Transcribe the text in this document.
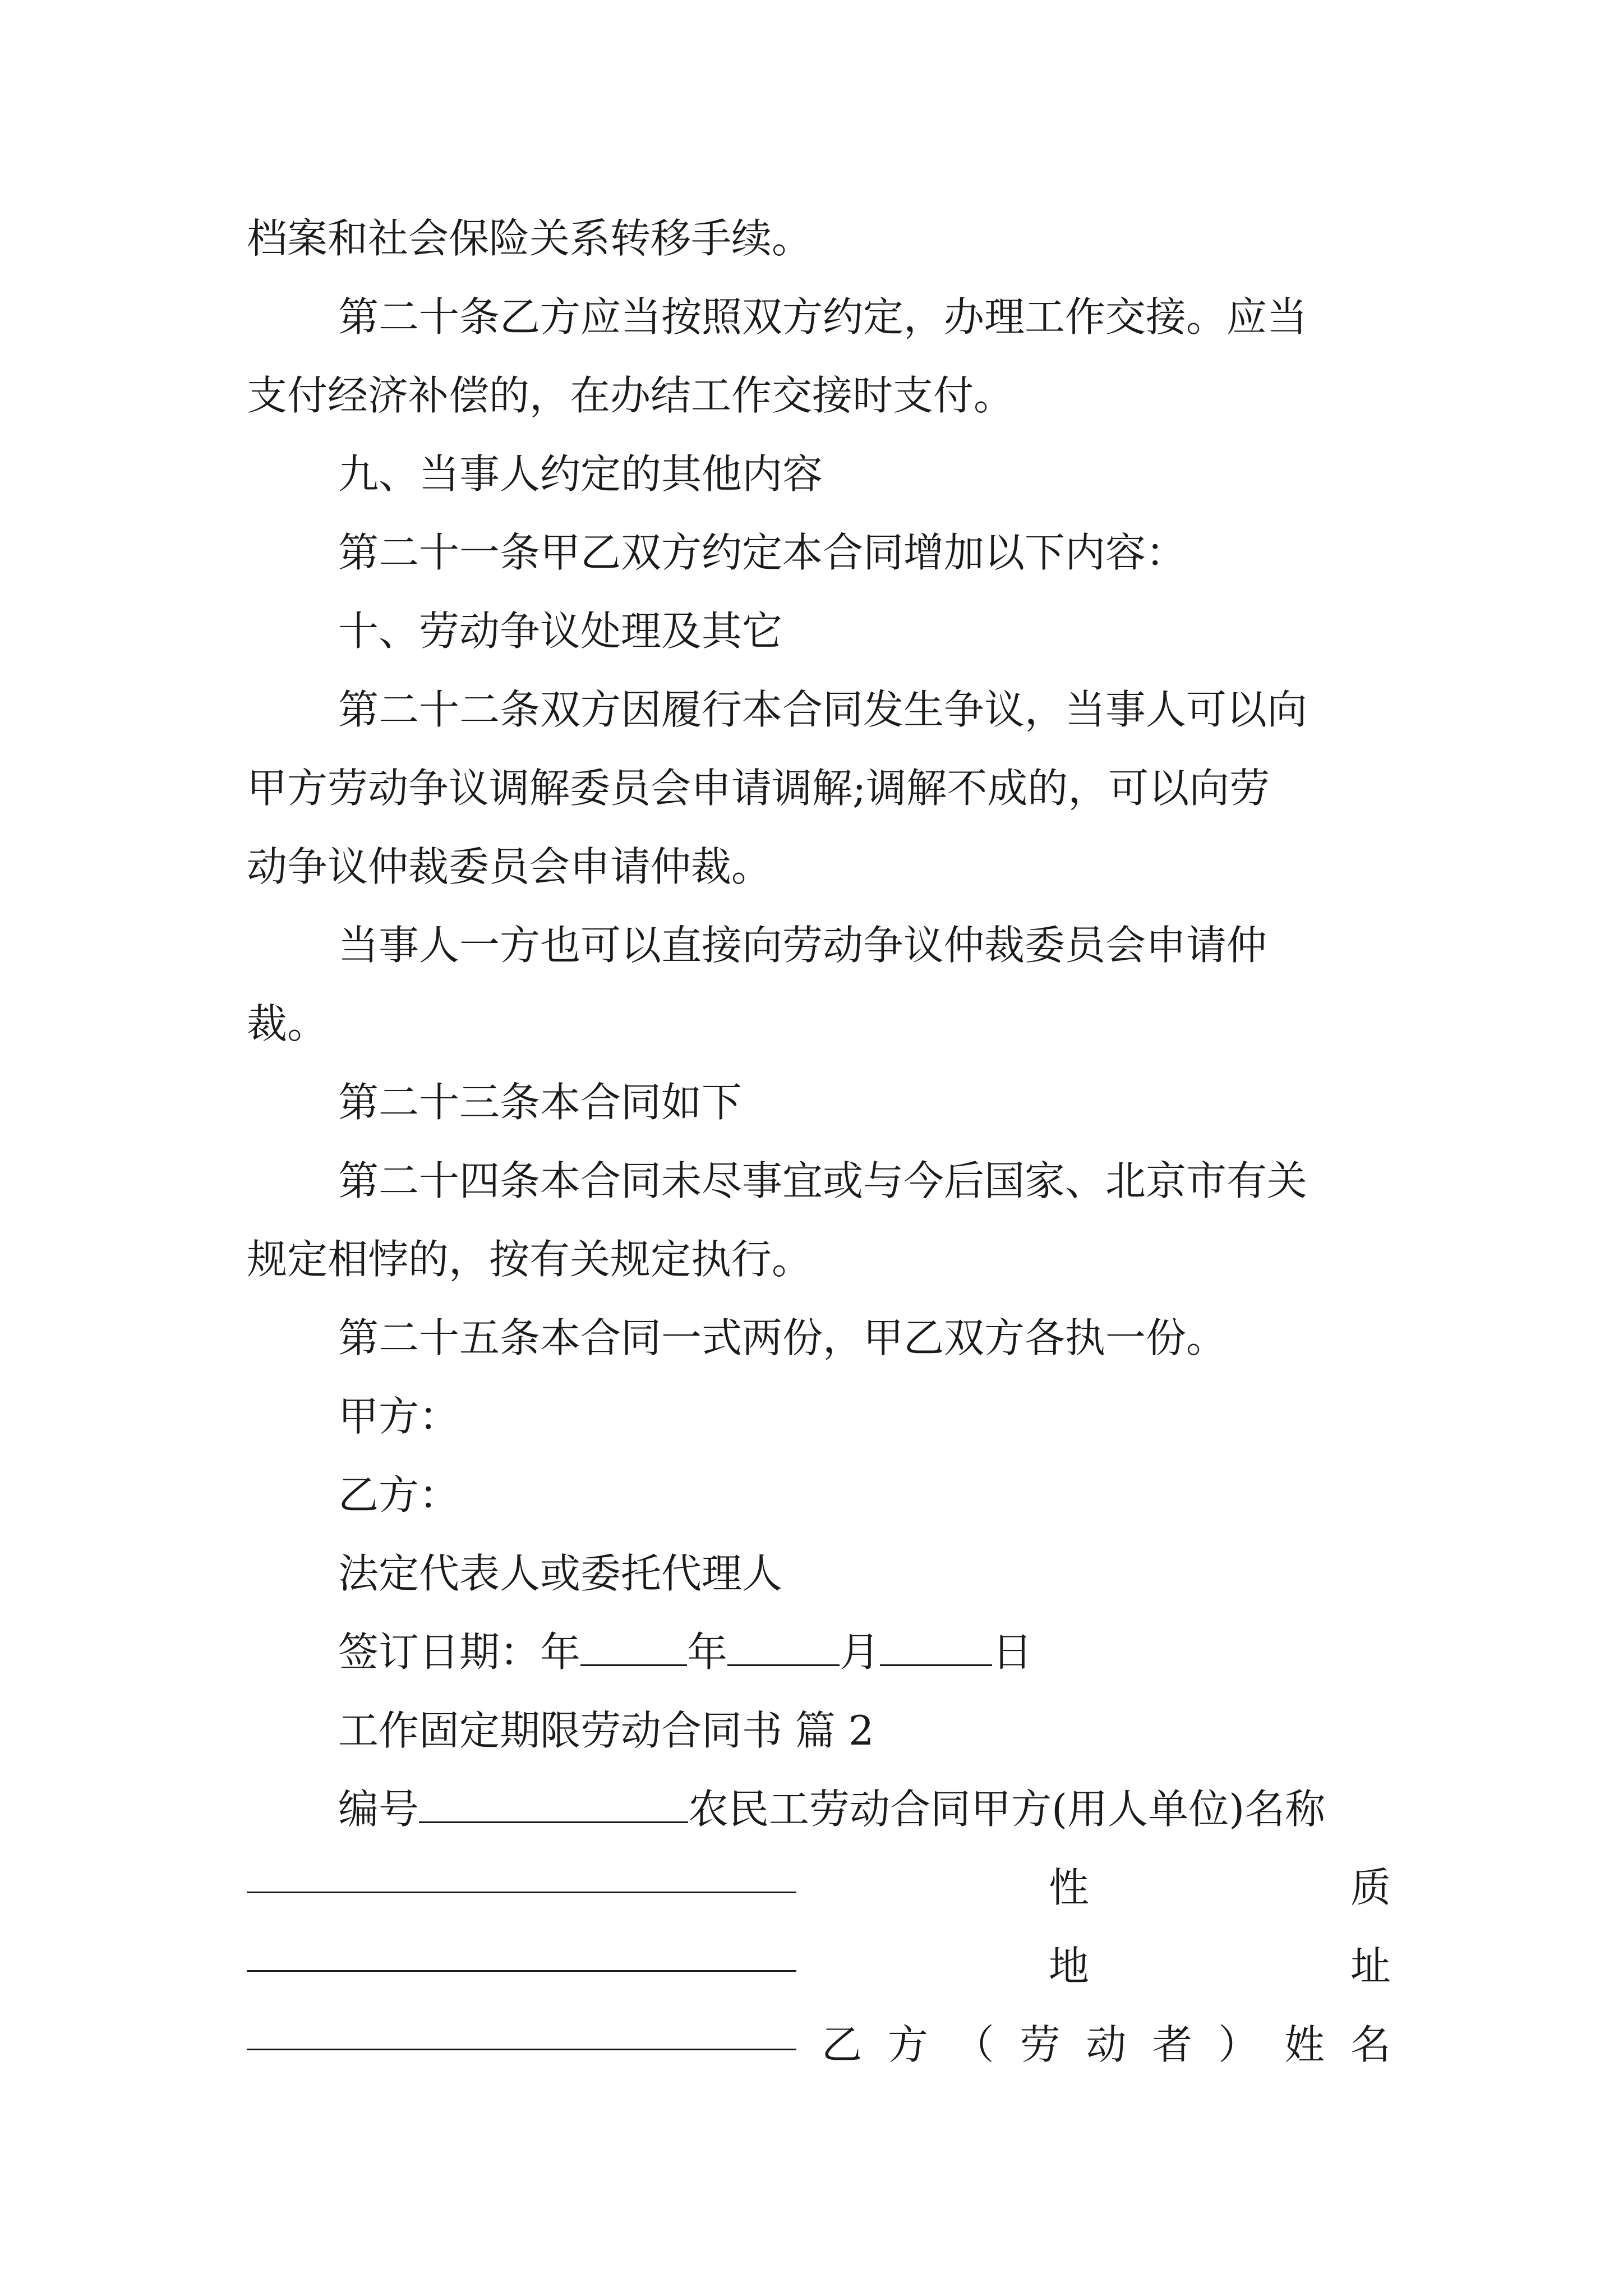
档案和社会保险关系转移手续。
第二十条乙方应当按照双方约定，办理工作交接。应当
支付经济补偿的，在办结工作交接时支付。
九、当事人约定的其他内容
第二十一条甲乙双方约定本合同增加以下内容：
十、劳动争议处理及其它
第二十二条双方因履行本合同发生争议，当事人可以向
甲方劳动争议调解委员会申请调解;调解不成的，可以向劳
动争议仲裁委员会申请仲裁。
当事人一方也可以直接向劳动争议仲裁委员会申请仲
裁。
第二十三条本合同如下
第二十四条本合同未尽事宜或与今后国家、北京市有关
规定相悖的，按有关规定执行。
第二十五条本合同一式两份，甲乙双方各执一份。
甲方：
乙方：
法定代表人或委托代理人
签订日期：年	年	月	日
工作固定期限劳动合同书 篇 2
编号	农民工劳动合同甲方(用人单位)名称
性	质
地	址
乙 方 （ 劳 动 者 ） 姓 名
